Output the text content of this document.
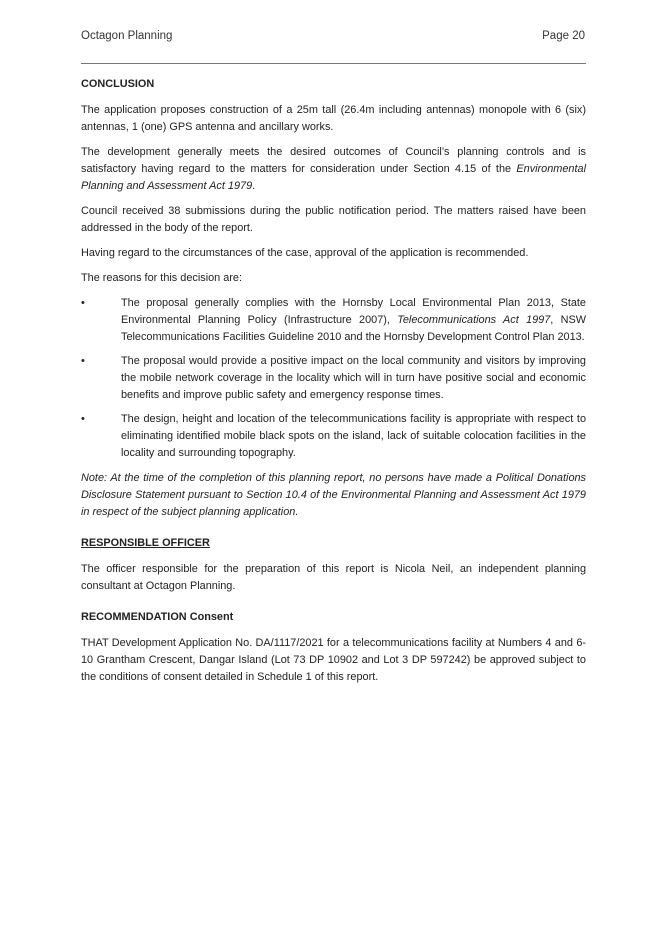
Octagon Planning	Page 20
CONCLUSION

The application proposes construction of a 25m tall (26.4m including antennas) monopole with 6 (six) antennas, 1 (one) GPS antenna and ancillary works.

The development generally meets the desired outcomes of Council’s planning controls and is satisfactory having regard to the matters for consideration under Section 4.15 of the Environmental Planning and Assessment Act 1979.

Council received 38 submissions during the public notification period. The matters raised have been addressed in the body of the report.

Having regard to the circumstances of the case, approval of the application is recommended.

The reasons for this decision are:

•	The proposal generally complies with the Hornsby Local Environmental Plan 2013, State Environmental Planning Policy (Infrastructure 2007), Telecommunications Act 1997, NSW Telecommunications Facilities Guideline 2010 and the Hornsby Development Control Plan 2013.
•	The proposal would provide a positive impact on the local community and visitors by improving the mobile network coverage in the locality which will in turn have positive social and economic benefits and improve public safety and emergency response times.
•	The design, height and location of the telecommunications facility is appropriate with respect to eliminating identified mobile black spots on the island, lack of suitable colocation facilities in the locality and surrounding topography.

Note: At the time of the completion of this planning report, no persons have made a Political Donations Disclosure Statement pursuant to Section 10.4 of the Environmental Planning and Assessment Act 1979 in respect of the subject planning application.

RESPONSIBLE OFFICER

The officer responsible for the preparation of this report is Nicola Neil, an independent planning consultant at Octagon Planning.

RECOMMENDATION Consent

THAT Development Application No. DA/1117/2021 for a telecommunications facility at Numbers 4 and 6-10 Grantham Crescent, Dangar Island (Lot 73 DP 10902 and Lot 3 DP 597242) be approved subject to the conditions of consent detailed in Schedule 1 of this report.
